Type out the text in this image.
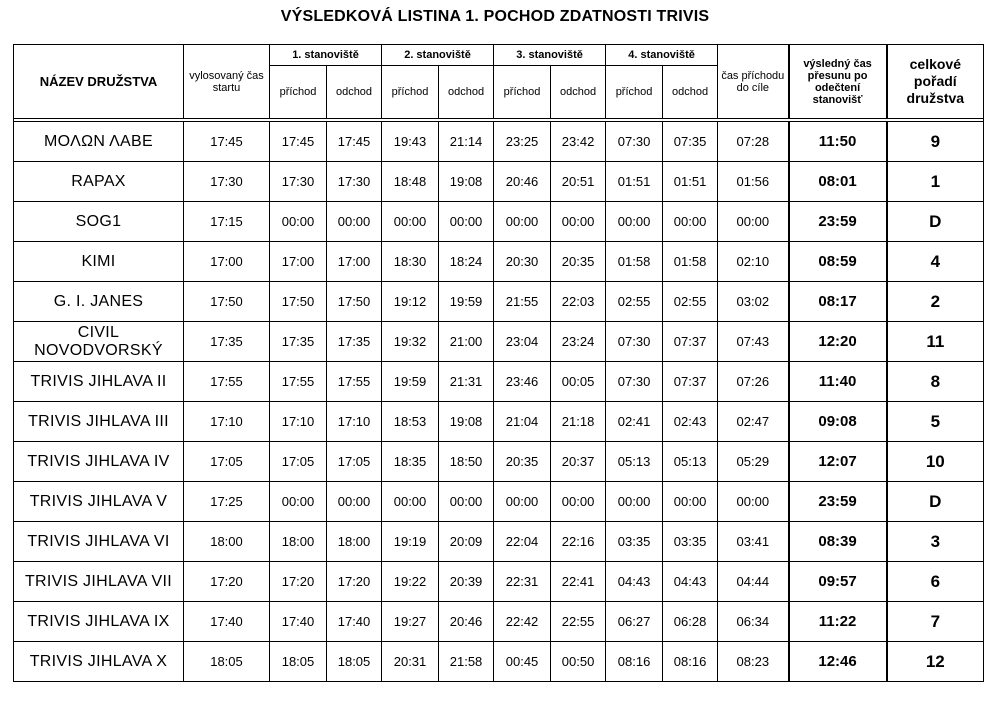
VÝSLEDKOVÁ LISTINA 1. POCHOD ZDATNOSTI TRIVIS
NÁZEV DRUŽSTVA	vylosovaný čas startu	1. stanoviště		2. stanoviště		3. stanoviště		4. stanoviště		čas příchodu do cíle	výsledný čas přesunu po odečtení stanovišť	celkové pořadí družstva
		příchod	odchod	příchod	odchod	příchod	odchod	příchod	odchod			

ΜΟΛΩΝ ΛΑΒΕ	17:45	17:45	17:45	19:43	21:14	23:25	23:42	07:30	07:35	07:28	11:50	9
RAPAX	17:30	17:30	17:30	18:48	19:08	20:46	20:51	01:51	01:51	01:56	08:01	1
SOG1	17:15	00:00	00:00	00:00	00:00	00:00	00:00	00:00	00:00	00:00	23:59	D
KIMI	17:00	17:00	17:00	18:30	18:24	20:30	20:35	01:58	01:58	02:10	08:59	4
G. I. JANES	17:50	17:50	17:50	19:12	19:59	21:55	22:03	02:55	02:55	03:02	08:17	2
CIVIL NOVODVORSKÝ	17:35	17:35	17:35	19:32	21:00	23:04	23:24	07:30	07:37	07:43	12:20	11
TRIVIS JIHLAVA II	17:55	17:55	17:55	19:59	21:31	23:46	00:05	07:30	07:37	07:26	11:40	8
TRIVIS JIHLAVA III	17:10	17:10	17:10	18:53	19:08	21:04	21:18	02:41	02:43	02:47	09:08	5
TRIVIS JIHLAVA IV	17:05	17:05	17:05	18:35	18:50	20:35	20:37	05:13	05:13	05:29	12:07	10
TRIVIS JIHLAVA V	17:25	00:00	00:00	00:00	00:00	00:00	00:00	00:00	00:00	00:00	23:59	D
TRIVIS JIHLAVA VI	18:00	18:00	18:00	19:19	20:09	22:04	22:16	03:35	03:35	03:41	08:39	3
TRIVIS JIHLAVA VII	17:20	17:20	17:20	19:22	20:39	22:31	22:41	04:43	04:43	04:44	09:57	6
TRIVIS JIHLAVA IX	17:40	17:40	17:40	19:27	20:46	22:42	22:55	06:27	06:28	06:34	11:22	7
TRIVIS JIHLAVA X	18:05	18:05	18:05	20:31	21:58	00:45	00:50	08:16	08:16	08:23	12:46	12
